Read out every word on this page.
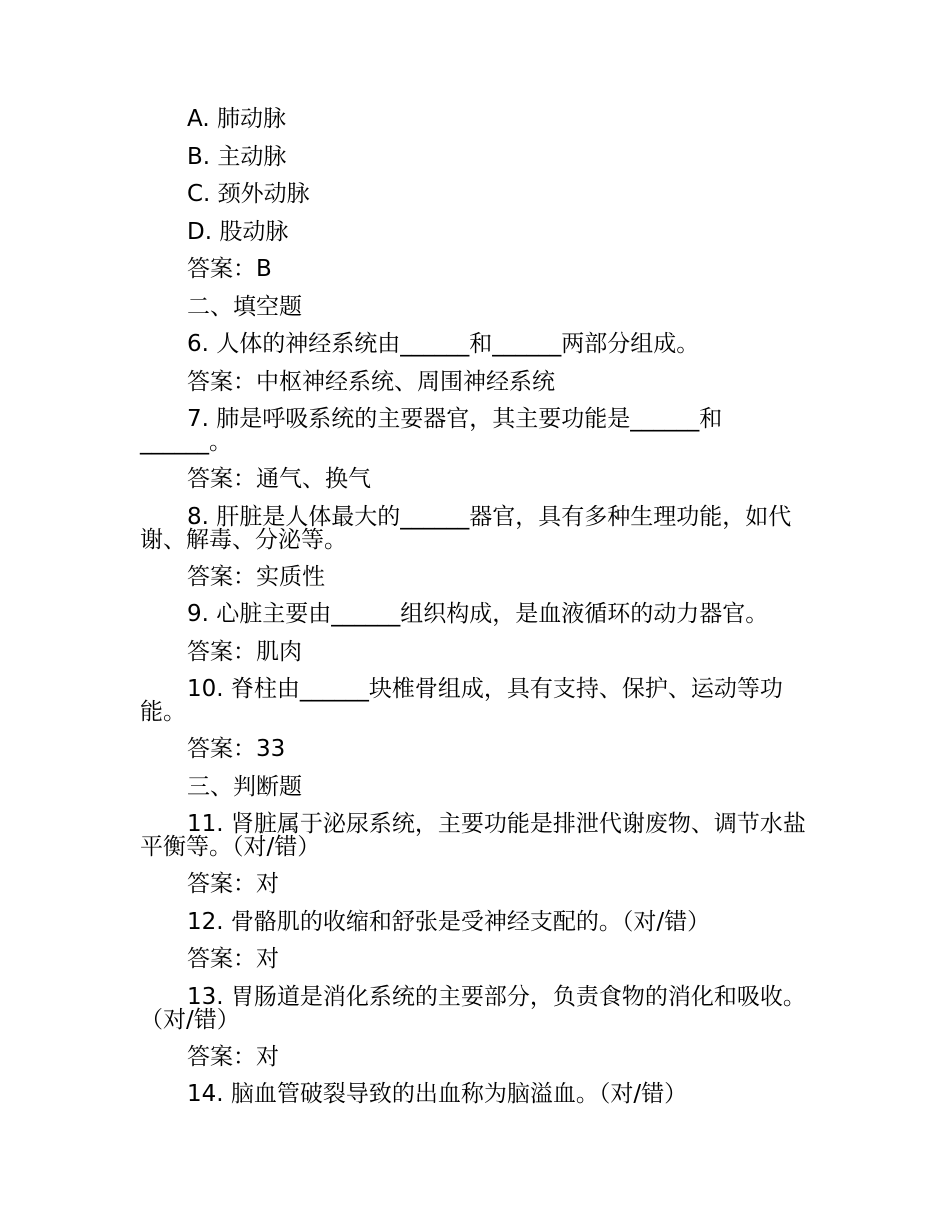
A. 肺动脉

B. 主动脉

C. 颈外动脉

D. 股动脉

答案：B

二、填空题

6. 人体的神经系统由______和______两部分组成。

答案：中枢神经系统、周围神经系统

7. 肺是呼吸系统的主要器官，其主要功能是______和______。

答案：通气、换气

8. 肝脏是人体最大的______器官，具有多种生理功能，如代谢、解毒、分泌等。

答案：实质性

9. 心脏主要由______组织构成，是血液循环的动力器官。

答案：肌肉

10. 脊柱由______块椎骨组成，具有支持、保护、运动等功能。

答案：33

三、判断题

11. 肾脏属于泌尿系统，主要功能是排泄代谢废物、调节水盐平衡等。（对/错）

答案：对

12. 骨骼肌的收缩和舒张是受神经支配的。（对/错）

答案：对

13. 胃肠道是消化系统的主要部分，负责食物的消化和吸收。（对/错）

答案：对

14. 脑血管破裂导致的出血称为脑溢血。（对/错）
